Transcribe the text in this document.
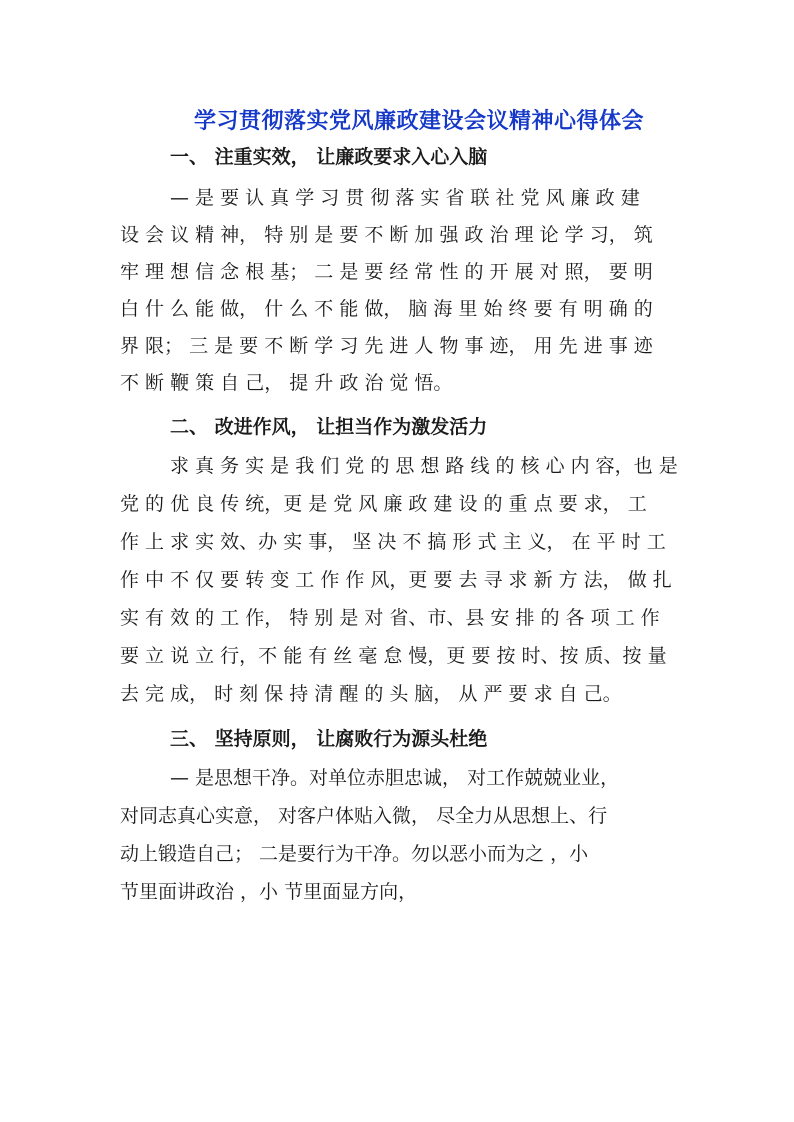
学习贯彻落实党风廉政建设会议精神心得体会
一、 注重实效， 让廉政要求入心入脑
— 是 要 认 真 学 习 贯 彻 落 实 省 联 社 党 风 廉 政 建
设 会 议 精 神， 特 别 是 要 不 断 加 强 政 治 理 论 学 习， 筑
牢 理 想 信 念 根 基； 二 是 要 经 常 性 的 开 展 对 照， 要 明
白 什 么 能 做， 什 么 不 能 做， 脑 海 里 始 终 要 有 明 确 的
界 限； 三 是 要 不 断 学 习 先 进 人 物 事 迹， 用 先 进 事 迹
不 断 鞭 策 自 己， 提 升 政 治 觉 悟。
二、 改进作风， 让担当作为激发活力
求 真 务 实 是 我 们 党 的 思 想 路 线 的 核 心 内 容，也 是
党 的 优 良 传 统，更 是 党 风 廉 政 建 设 的 重 点 要 求， 工
作 上 求 实 效、办 实 事， 坚 决 不 搞 形 式 主 义， 在 平 时 工
作 中 不 仅 要 转 变 工 作 作 风，更 要 去 寻 求 新 方 法， 做 扎
实 有 效 的 工 作， 特 别 是 对 省、市、县 安 排 的 各 项 工 作
要 立 说 立 行，不 能 有 丝 毫 怠 慢，更 要 按 时、按 质、按 量
去 完 成， 时 刻 保 持 清 醒 的 头 脑， 从 严 要 求 自 己。
三、 坚持原则， 让腐败行为源头杜绝
— 是思想干净。对单位赤胆忠诚， 对工作兢兢业业，
对同志真心实意， 对客户体贴入微， 尽全力从思想上、行
动上锻造自己； 二是要行为干净。勿以恶小而为之 ，小
节里面讲政治 ，小 节里面显方向，
